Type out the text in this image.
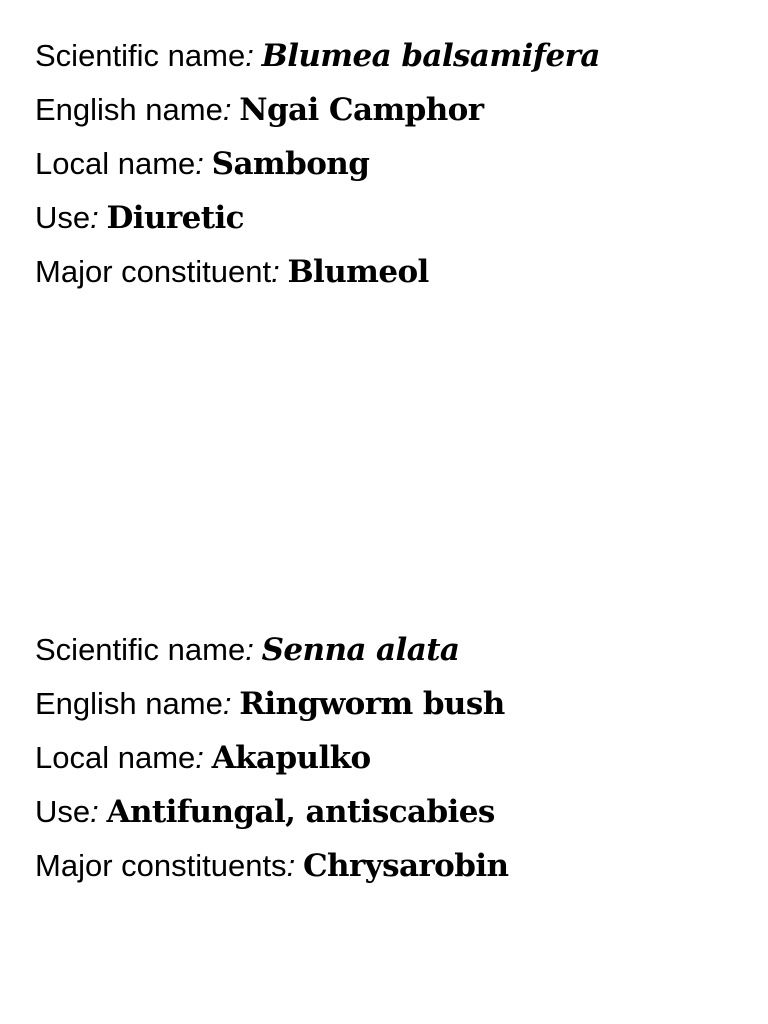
Scientific name: Blumea balsamifera
English name: Ngai Camphor
Local name: Sambong
Use: Diuretic
Major constituent: Blumeol
Scientific name: Senna alata
English name: Ringworm bush
Local name: Akapulko
Use: Antifungal, antiscabies
Major constituents: Chrysarobin
